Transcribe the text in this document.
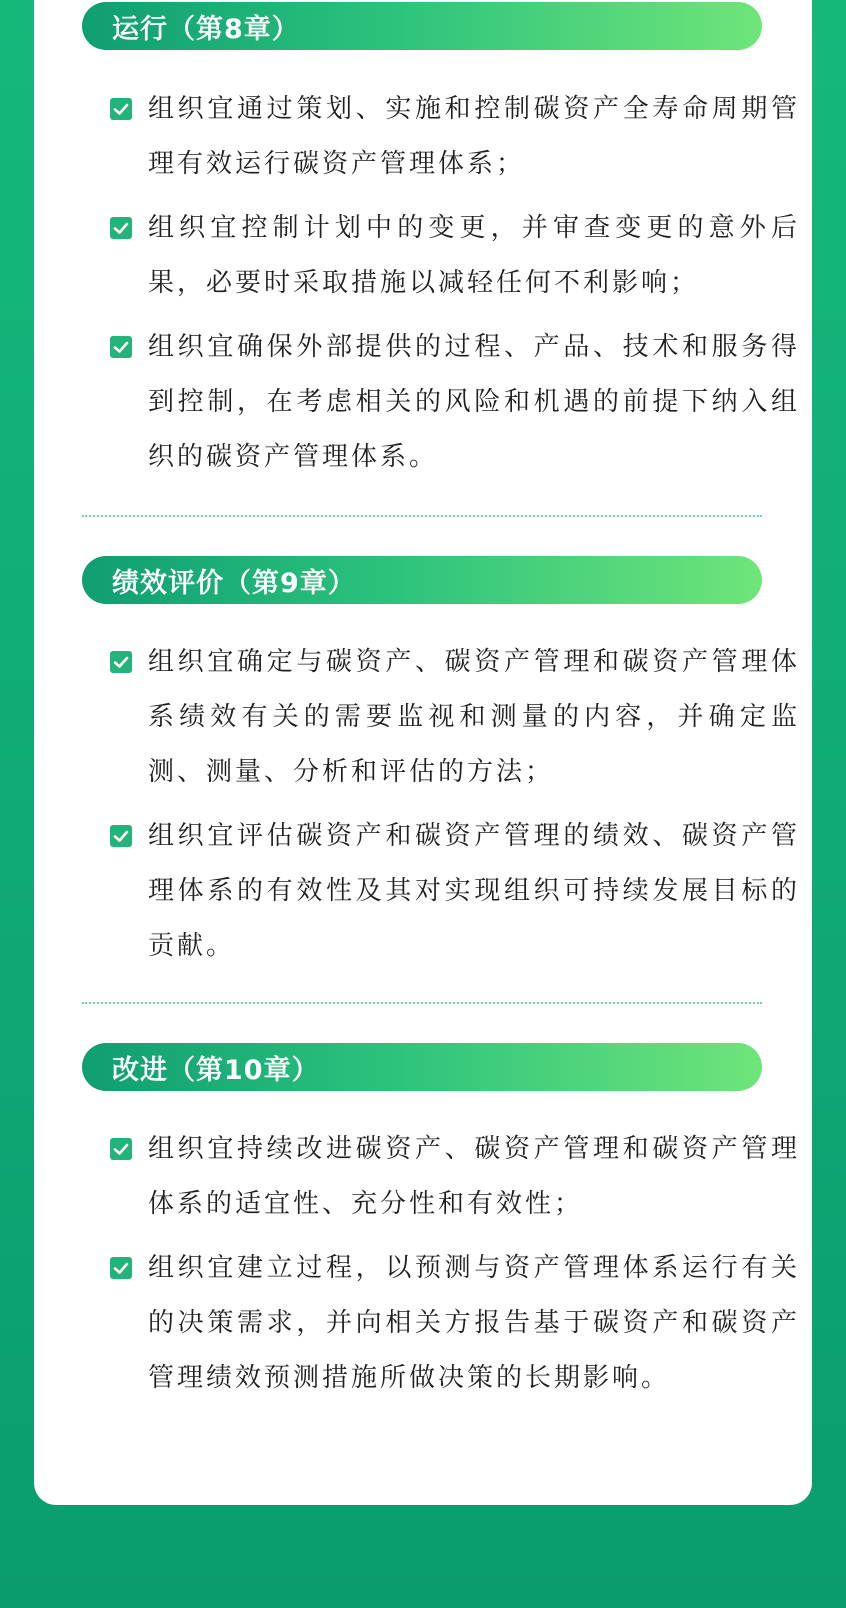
运行（第8章）
组织宜通过策划、实施和控制碳资产全寿命周期管理有效运行碳资产管理体系；
组织宜控制计划中的变更，并审查变更的意外后果，必要时采取措施以减轻任何不利影响；
组织宜确保外部提供的过程、产品、技术和服务得到控制，在考虑相关的风险和机遇的前提下纳入组织的碳资产管理体系。
绩效评价（第9章）
组织宜确定与碳资产、碳资产管理和碳资产管理体系绩效有关的需要监视和测量的内容，并确定监测、测量、分析和评估的方法；
组织宜评估碳资产和碳资产管理的绩效、碳资产管理体系的有效性及其对实现组织可持续发展目标的贡献。
改进（第10章）
组织宜持续改进碳资产、碳资产管理和碳资产管理体系的适宜性、充分性和有效性；
组织宜建立过程，以预测与资产管理体系运行有关的决策需求，并向相关方报告基于碳资产和碳资产管理绩效预测措施所做决策的长期影响。
